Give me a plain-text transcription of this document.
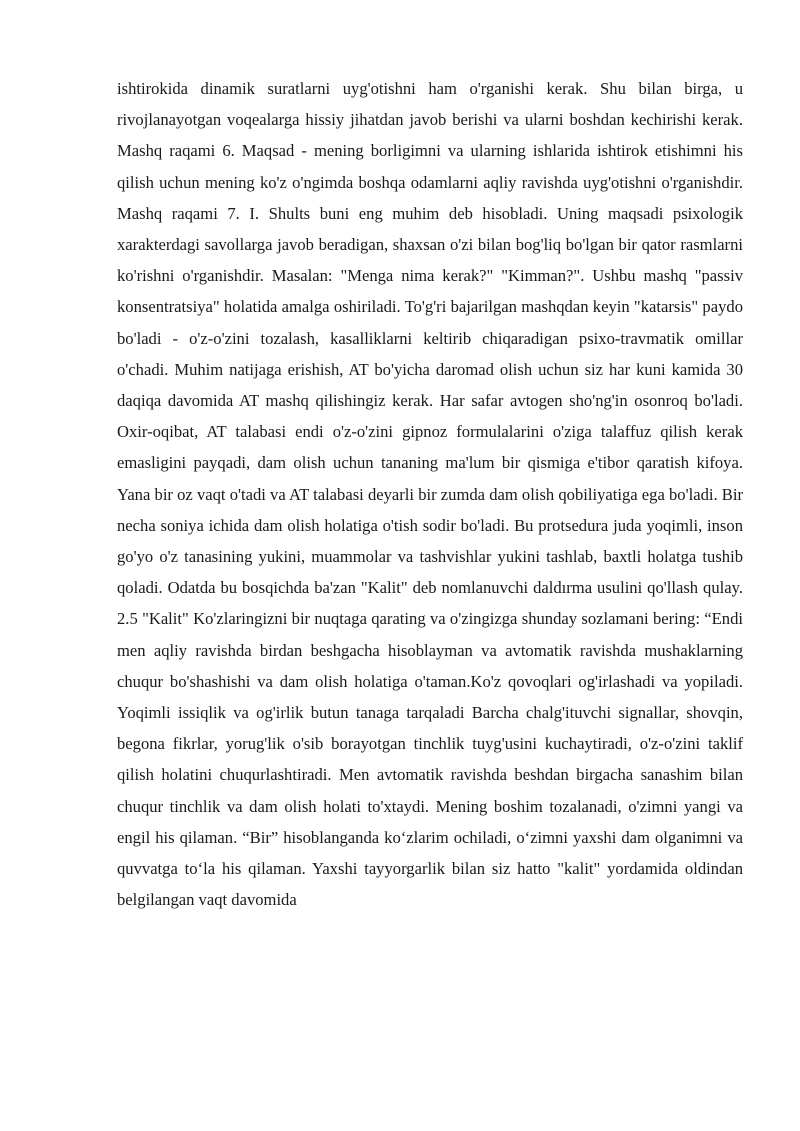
ishtirokida dinamik suratlarni uyg'otishni ham o'rganishi kerak. Shu bilan birga, u rivojlanayotgan voqealarga hissiy jihatdan javob berishi va ularni boshdan kechirishi kerak. Mashq raqami 6. Maqsad - mening borligimni va ularning ishlarida ishtirok etishimni his qilish uchun mening ko'z o'ngimda boshqa odamlarni aqliy ravishda uyg'otishni o'rganishdir. Mashq raqami 7. I. Shults buni eng muhim deb hisobladi. Uning maqsadi psixologik xarakterdagi savollarga javob beradigan, shaxsan o'zi bilan bog'liq bo'lgan bir qator rasmlarni ko'rishni o'rganishdir. Masalan: "Menga nima kerak?" "Kimman?". Ushbu mashq "passiv konsentratsiya" holatida amalga oshiriladi. To'g'ri bajarilgan mashqdan keyin "katarsis" paydo bo'ladi - o'z-o'zini tozalash, kasalliklarni keltirib chiqaradigan psixo-travmatik omillar o'chadi. Muhim natijaga erishish, AT bo'yicha daromad olish uchun siz har kuni kamida 30 daqiqa davomida AT mashq qilishingiz kerak. Har safar avtogen sho'ng'in osonroq bo'ladi. Oxir-oqibat, AT talabasi endi o'z-o'zini gipnoz formulalarini o'ziga talaffuz qilish kerak emasligini payqadi, dam olish uchun tananing ma'lum bir qismiga e'tibor qaratish kifoya. Yana bir oz vaqt o'tadi va AT talabasi deyarli bir zumda dam olish qobiliyatiga ega bo'ladi. Bir necha soniya ichida dam olish holatiga o'tish sodir bo'ladi. Bu protsedura juda yoqimli, inson go'yo o'z tanasining yukini, muammolar va tashvishlar yukini tashlab, baxtli holatga tushib qoladi. Odatda bu bosqichda ba'zan "Kalit" deb nomlanuvchi daldırma usulini qo'llash qulay. 2.5 "Kalit" Ko'zlaringizni bir nuqtaga qarating va o'zingizga shunday sozlamani bering: “Endi men aqliy ravishda birdan beshgacha hisoblayman va avtomatik ravishda mushaklarning chuqur bo'shashishi va dam olish holatiga o'taman.Ko'z qovoqlari og'irlashadi va yopiladi. Yoqimli issiqlik va og'irlik butun tanaga tarqaladi Barcha chalg'ituvchi signallar, shovqin, begona fikrlar, yorug'lik o'sib borayotgan tinchlik tuyg'usini kuchaytiradi, o'z-o'zini taklif qilish holatini chuqurlashtiradi. Men avtomatik ravishda beshdan birgacha sanashim bilan chuqur tinchlik va dam olish holati to'xtaydi. Mening boshim tozalanadi, o'zimni yangi va engil his qilaman. “Bir” hisoblanganda ko‘zlarim ochiladi, o‘zimni yaxshi dam olganimni va quvvatga to‘la his qilaman. Yaxshi tayyorgarlik bilan siz hatto "kalit" yordamida oldindan belgilangan vaqt davomida
